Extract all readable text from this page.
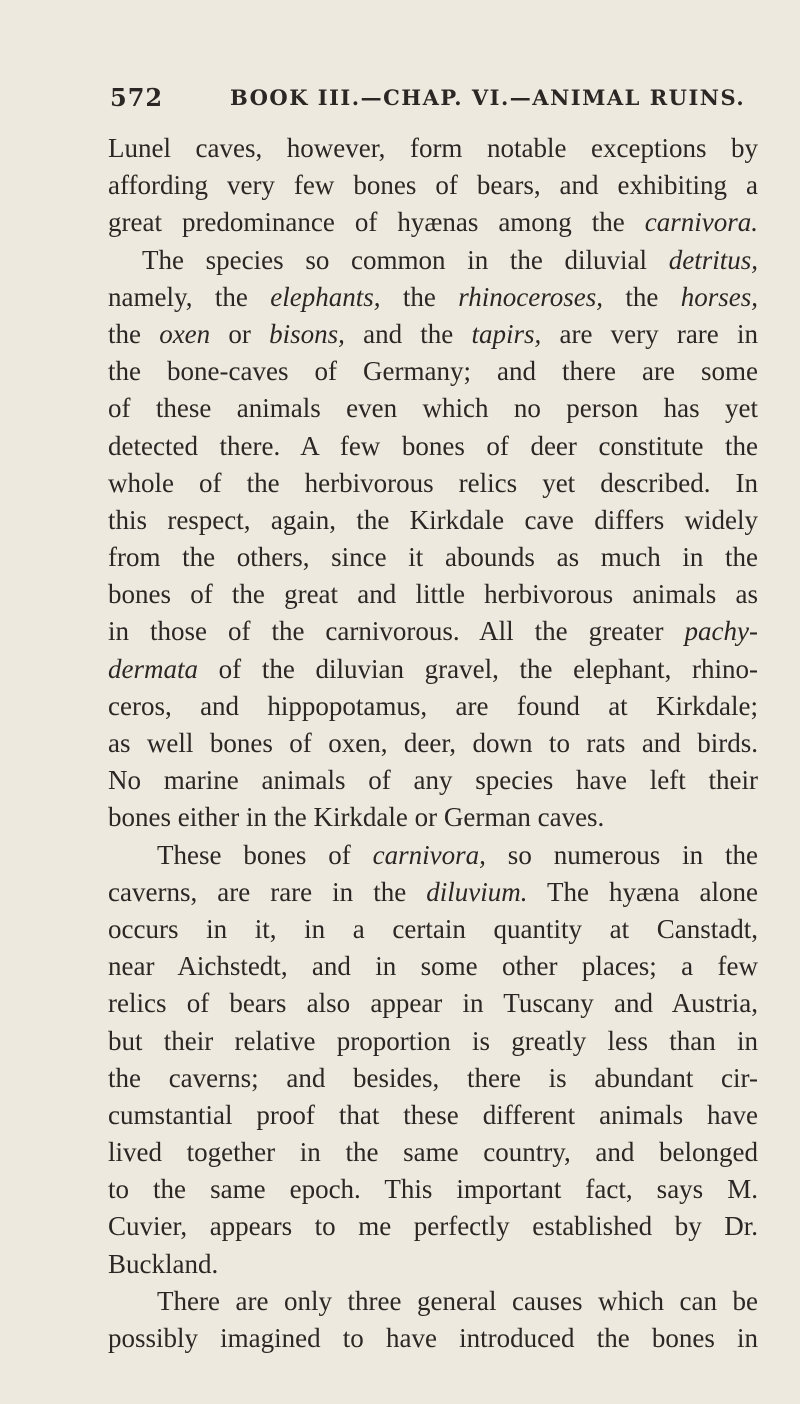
572	BOOK III.—CHAP. VI.—ANIMAL RUINS.
Lunel caves, however, form notable exceptions by
affording very few bones of bears, and exhibiting a
great predominance of hyænas among the carnivora.
The species so common in the diluvial detritus,
namely, the elephants, the rhinoceroses, the horses,
the oxen or bisons, and the tapirs, are very rare in
the bone-caves of Germany; and there are some
of these animals even which no person has yet
detected there. A few bones of deer constitute the
whole of the herbivorous relics yet described. In
this respect, again, the Kirkdale cave differs widely
from the others, since it abounds as much in the
bones of the great and little herbivorous animals as
in those of the carnivorous. All the greater pachy-
dermata of the diluvian gravel, the elephant, rhino-
ceros, and hippopotamus, are found at Kirkdale;
as well bones of oxen, deer, down to rats and birds.
No marine animals of any species have left their
bones either in the Kirkdale or German caves.
These bones of carnivora, so numerous in the
caverns, are rare in the diluvium. The hyæna alone
occurs in it, in a certain quantity at Canstadt,
near Aichstedt, and in some other places; a few
relics of bears also appear in Tuscany and Austria,
but their relative proportion is greatly less than in
the caverns; and besides, there is abundant cir-
cumstantial proof that these different animals have
lived together in the same country, and belonged
to the same epoch. This important fact, says M.
Cuvier, appears to me perfectly established by Dr.
Buckland.
There are only three general causes which can be
possibly imagined to have introduced the bones in
